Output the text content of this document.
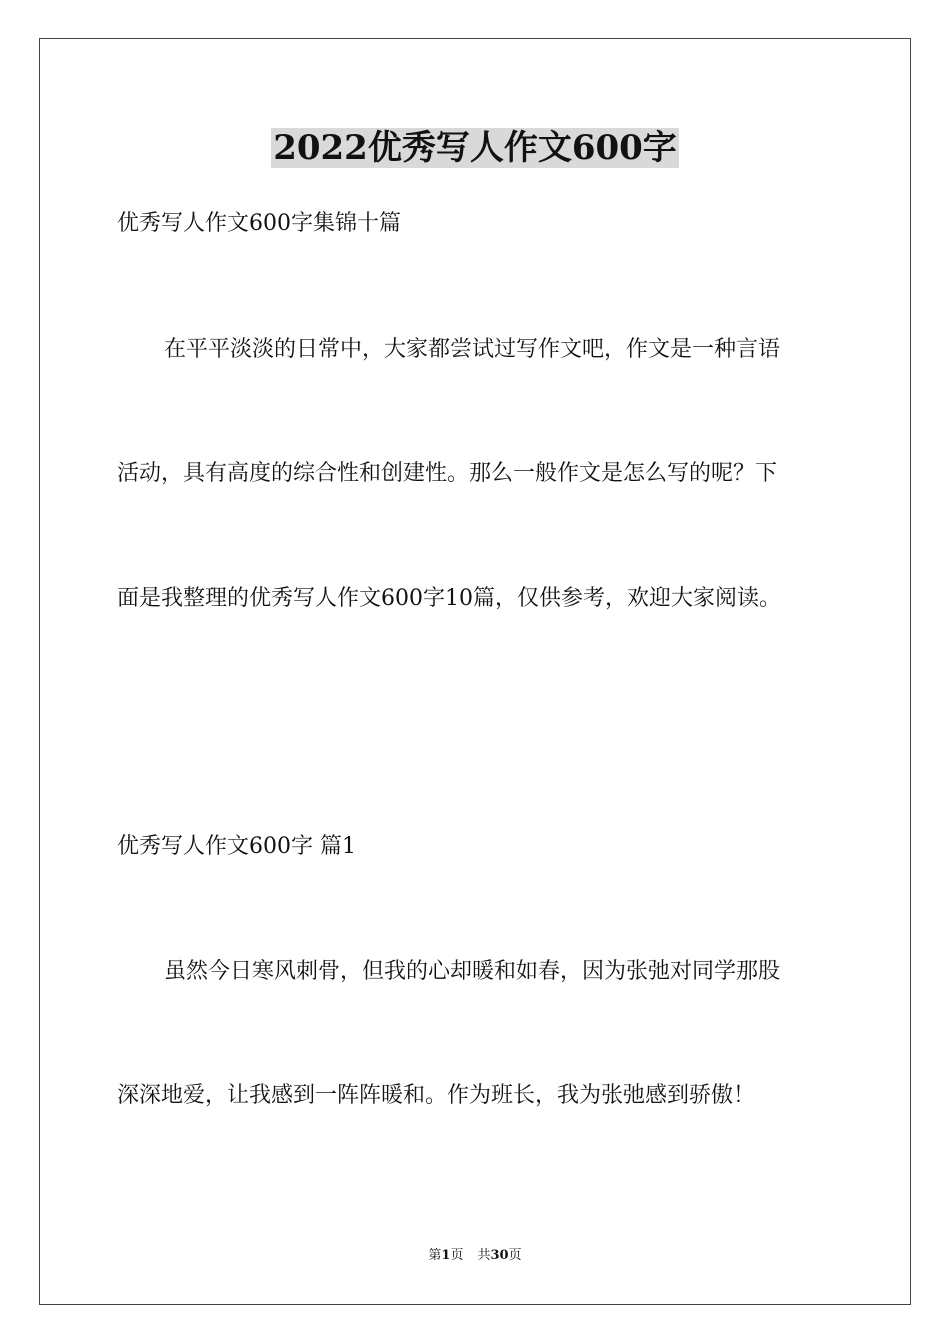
2022优秀写人作文600字
优秀写人作文600字集锦十篇
在平平淡淡的日常中，大家都尝试过写作文吧，作文是一种言语
活动，具有高度的综合性和创建性。那么一般作文是怎么写的呢？下
面是我整理的优秀写人作文600字10篇，仅供参考，欢迎大家阅读。
优秀写人作文600字 篇1
虽然今日寒风刺骨，但我的心却暖和如春，因为张弛对同学那股
深深地爱，让我感到一阵阵暖和。作为班长，我为张弛感到骄傲！
第1页 共30页
